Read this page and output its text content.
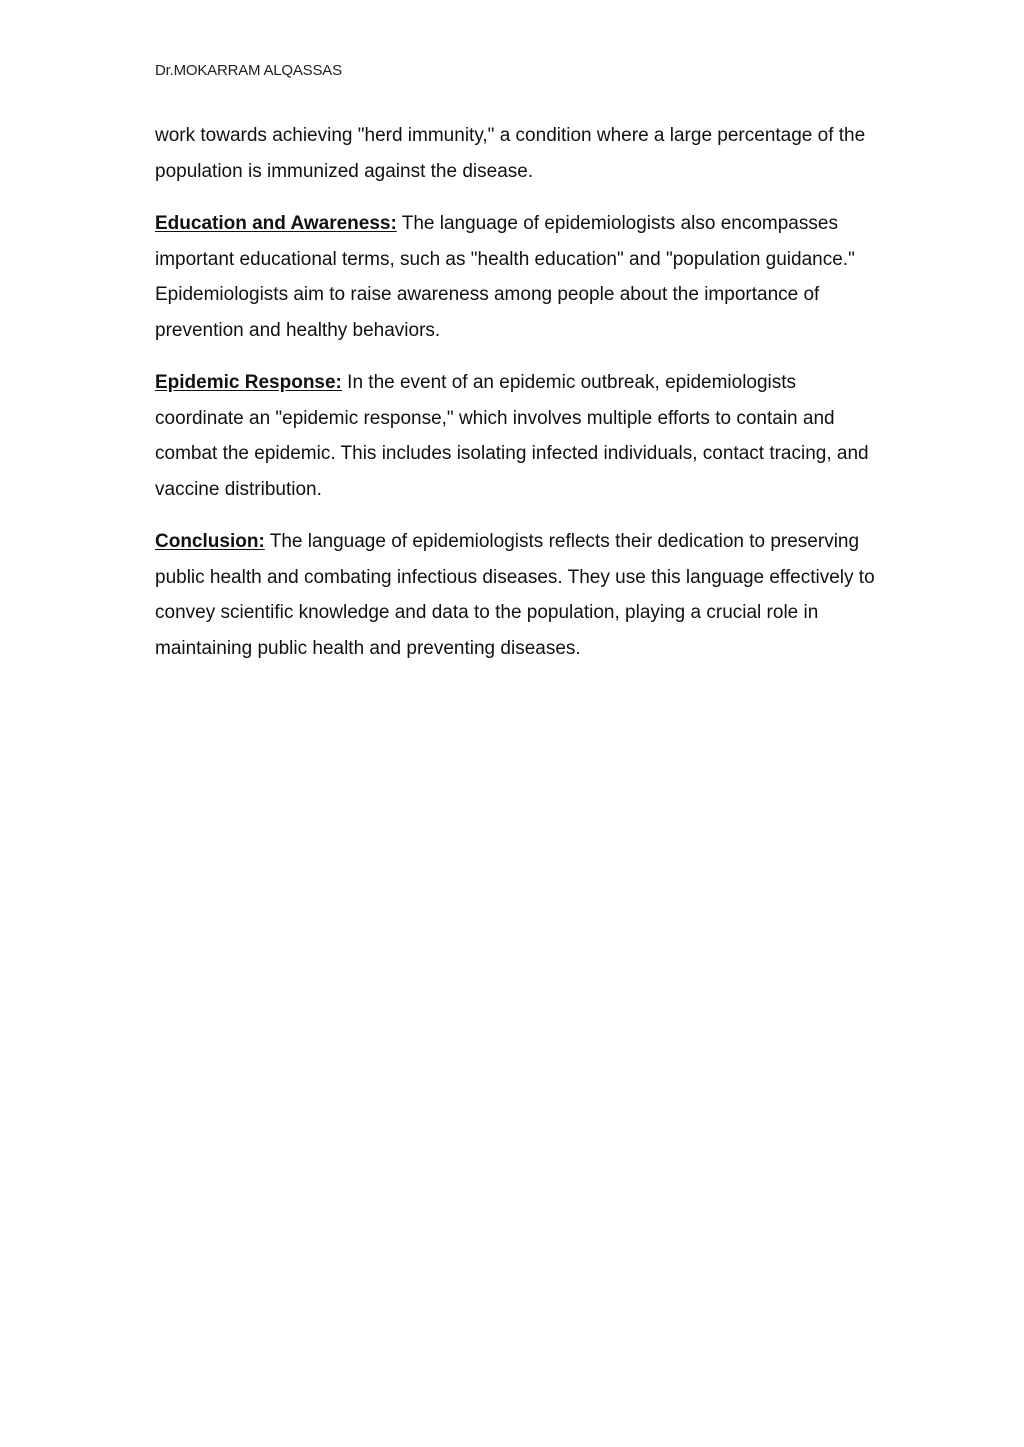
Dr.MOKARRAM ALQASSAS

work towards achieving "herd immunity," a condition where a large percentage of the population is immunized against the disease.

Education and Awareness: The language of epidemiologists also encompasses important educational terms, such as "health education" and "population guidance." Epidemiologists aim to raise awareness among people about the importance of prevention and healthy behaviors.

Epidemic Response: In the event of an epidemic outbreak, epidemiologists coordinate an "epidemic response," which involves multiple efforts to contain and combat the epidemic. This includes isolating infected individuals, contact tracing, and vaccine distribution.

Conclusion: The language of epidemiologists reflects their dedication to preserving public health and combating infectious diseases. They use this language effectively to convey scientific knowledge and data to the population, playing a crucial role in maintaining public health and preventing diseases.
